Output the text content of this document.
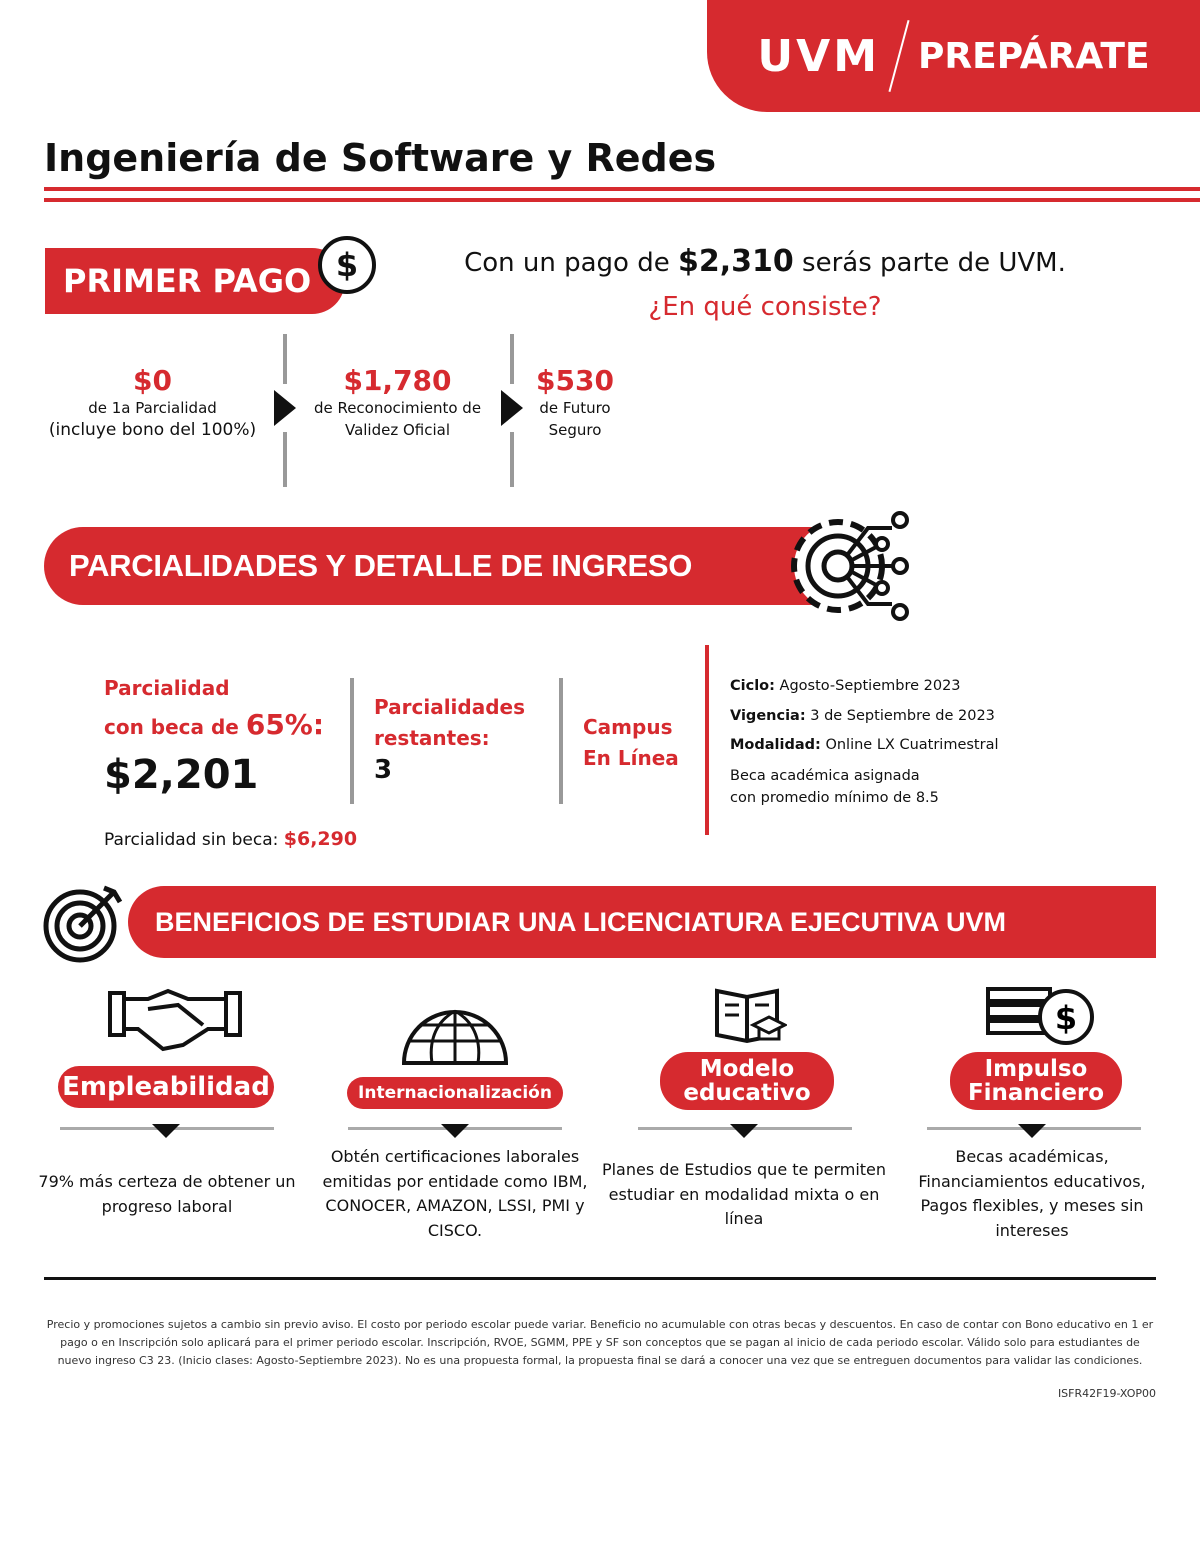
UVM PREPÁRATE
Ingeniería de Software y Redes
PRIMER PAGO $	Con un pago de $2,310 serás parte de UVM.
¿En qué consiste?
$0
de 1a Parcialidad
(incluye bono del 100%)
$1,780
de Reconocimiento de
Validez Oficial
$530
de Futuro
Seguro
PARCIALIDADES Y DETALLE DE INGRESO
Parcialidad
con beca de 65%:
$2,201
Parcialidad sin beca: $6,290
Parcialidades
restantes:
3
Campus
En Línea
Ciclo: Agosto-Septiembre 2023
Vigencia: 3 de Septiembre de 2023
Modalidad: Online LX Cuatrimestral
Beca académica asignada
con promedio mínimo de 8.5
BENEFICIOS DE ESTUDIAR UNA LICENCIATURA EJECUTIVA UVM
Empleabilidad
79% más certeza de obtener un progreso laboral
Internacionalización
Obtén certificaciones laborales emitidas por entidade como IBM, CONOCER, AMAZON, LSSI, PMI y CISCO.
Modelo educativo
Planes de Estudios que te permiten estudiar en modalidad mixta o en línea
$
Impulso Financiero
Becas académicas, Financiamientos educativos, Pagos flexibles, y meses sin intereses
Precio y promociones sujetos a cambio sin previo aviso. El costo por periodo escolar puede variar. Beneficio no acumulable con otras becas y descuentos. En caso de contar con Bono educativo en 1 er pago o en Inscripción solo aplicará para el primer periodo escolar. Inscripción, RVOE, SGMM, PPE y SF son conceptos que se pagan al inicio de cada periodo escolar. Válido solo para estudiantes de nuevo ingreso C3 23. (Inicio clases: Agosto-Septiembre 2023). No es una propuesta formal, la propuesta final se dará a conocer una vez que se entreguen documentos para validar las condiciones.
ISFR42F19-XOP00
